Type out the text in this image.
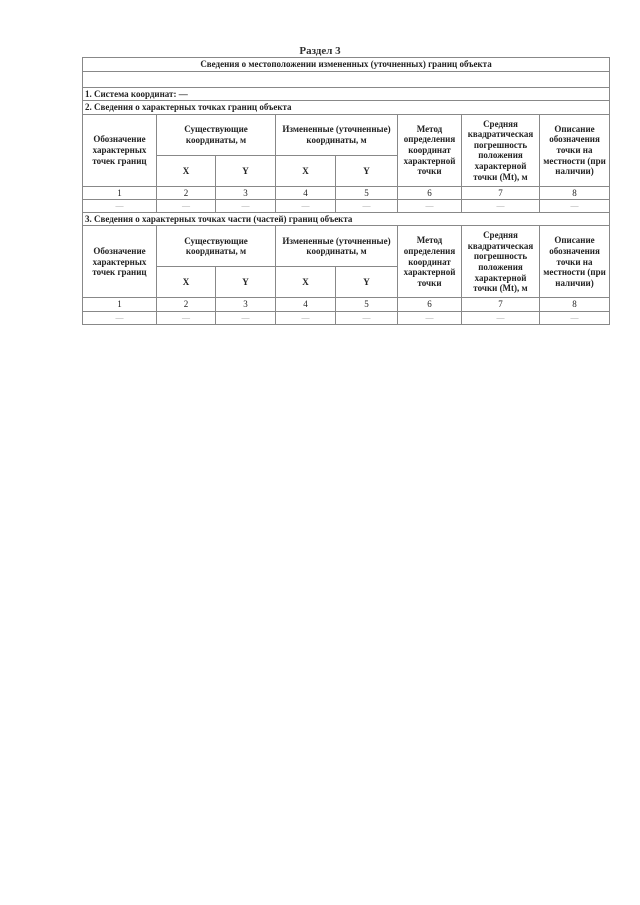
Раздел 3
Сведения о местоположении измененных (уточненных) границ объекта							

1. Система координат: —							
2. Сведения о характерных точках границ объекта							
Обозначение характерных точек границ	Существующие координаты, м		Измененные (уточненные) координаты, м		Метод определения координат характерной точки	Средняя квадратическая погрешность положения характерной точки (Mt), м	Описание обозначения точки на местности (при наличии)
	X	Y	X	Y			
1	2	3	4	5	6	7	8
—	—	—	—	—	—	—	—
3. Сведения о характерных точках части (частей) границ объекта							
Обозначение характерных точек границ	Существующие координаты, м		Измененные (уточненные) координаты, м		Метод определения координат характерной точки	Средняя квадратическая погрешность положения характерной точки (Mt), м	Описание обозначения точки на местности (при наличии)
	X	Y	X	Y			
1	2	3	4	5	6	7	8
—	—	—	—	—	—	—	—
